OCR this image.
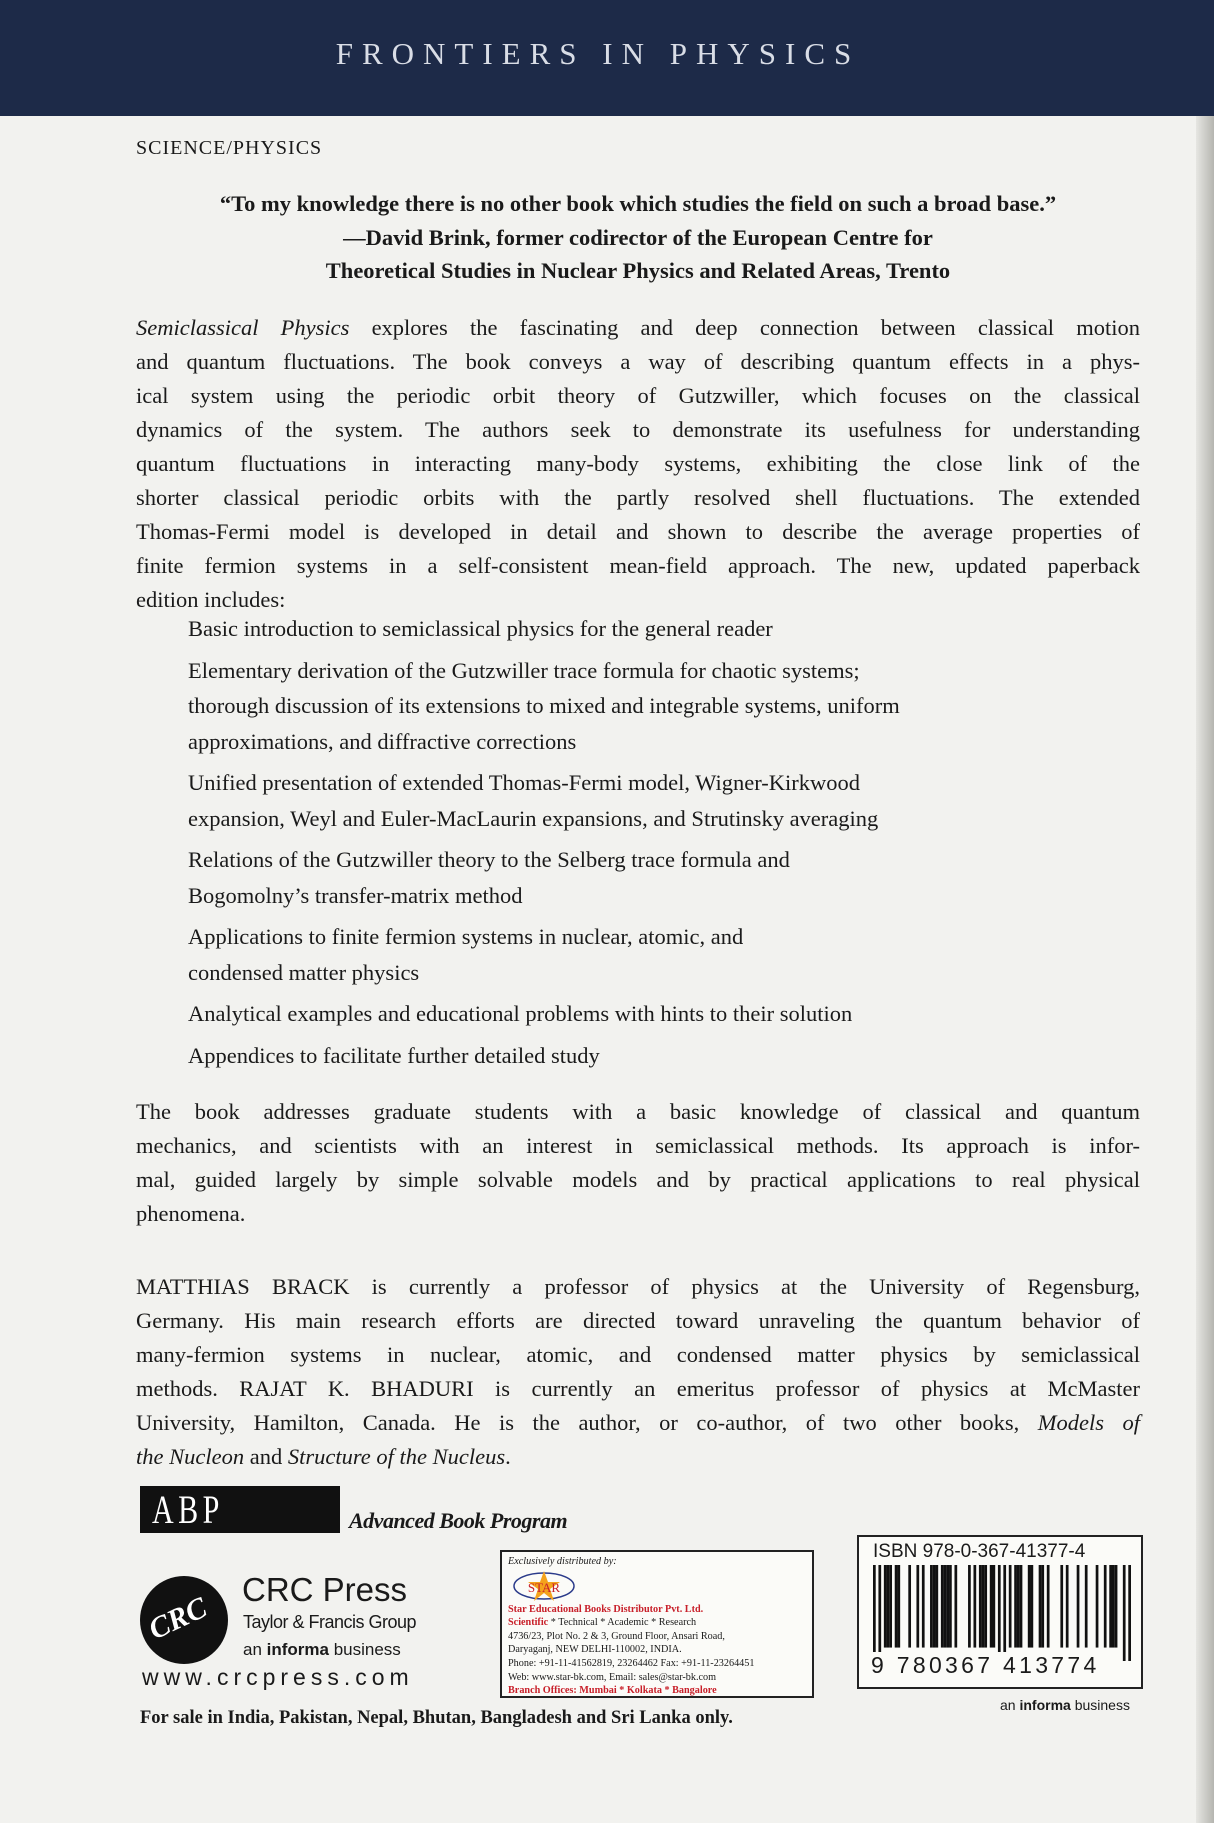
FRONTIERS IN PHYSICS
SCIENCE/PHYSICS
“To my knowledge there is no other book which studies the field on such a broad base.”
—David Brink, former codirector of the European Centre for
Theoretical Studies in Nuclear Physics and Related Areas, Trento
Semiclassical Physics explores the fascinating and deep connection between classical motion
and quantum fluctuations. The book conveys a way of describing quantum effects in a phys-
ical system using the periodic orbit theory of Gutzwiller, which focuses on the classical
dynamics of the system. The authors seek to demonstrate its usefulness for understanding
quantum fluctuations in interacting many-body systems, exhibiting the close link of the
shorter classical periodic orbits with the partly resolved shell fluctuations. The extended
Thomas-Fermi model is developed in detail and shown to describe the average properties of
finite fermion systems in a self-consistent mean-field approach. The new, updated paperback
edition includes:
Basic introduction to semiclassical physics for the general reader
Elementary derivation of the Gutzwiller trace formula for chaotic systems;
thorough discussion of its extensions to mixed and integrable systems, uniform
approximations, and diffractive corrections
Unified presentation of extended Thomas-Fermi model, Wigner-Kirkwood
expansion, Weyl and Euler-MacLaurin expansions, and Strutinsky averaging
Relations of the Gutzwiller theory to the Selberg trace formula and
Bogomolny’s transfer-matrix method
Applications to finite fermion systems in nuclear, atomic, and
condensed matter physics
Analytical examples and educational problems with hints to their solution
Appendices to facilitate further detailed study
The book addresses graduate students with a basic knowledge of classical and quantum
mechanics, and scientists with an interest in semiclassical methods. Its approach is infor-
mal, guided largely by simple solvable models and by practical applications to real physical
phenomena.
MATTHIAS BRACK is currently a professor of physics at the University of Regensburg,
Germany. His main research efforts are directed toward unraveling the quantum behavior of
many-fermion systems in nuclear, atomic, and condensed matter physics by semiclassical
methods. RAJAT K. BHADURI is currently an emeritus professor of physics at McMaster
University, Hamilton, Canada. He is the author, or co-author, of two other books, Models of
the Nucleon and Structure of the Nucleus.
ABP	Advanced Book Program
CRC
CRC Press
Taylor & Francis Group
an informa business
www.crcpress.com
Exclusively distributed by:
STAR
Star Educational Books Distributor Pvt. Ltd.
Scientific * Technical * Academic * Research
4736/23, Plot No. 2 & 3, Ground Floor, Ansari Road,
Daryaganj, NEW DELHI-110002, INDIA.
Phone: +91-11-41562819, 23264462 Fax: +91-11-23264451
Web: www.star-bk.com, Email: sales@star-bk.com
Branch Offices: Mumbai * Kolkata * Bangalore
ISBN 978-0-367-41377-4
9 780367 413774
an informa business
For sale in India, Pakistan, Nepal, Bhutan, Bangladesh and Sri Lanka only.
